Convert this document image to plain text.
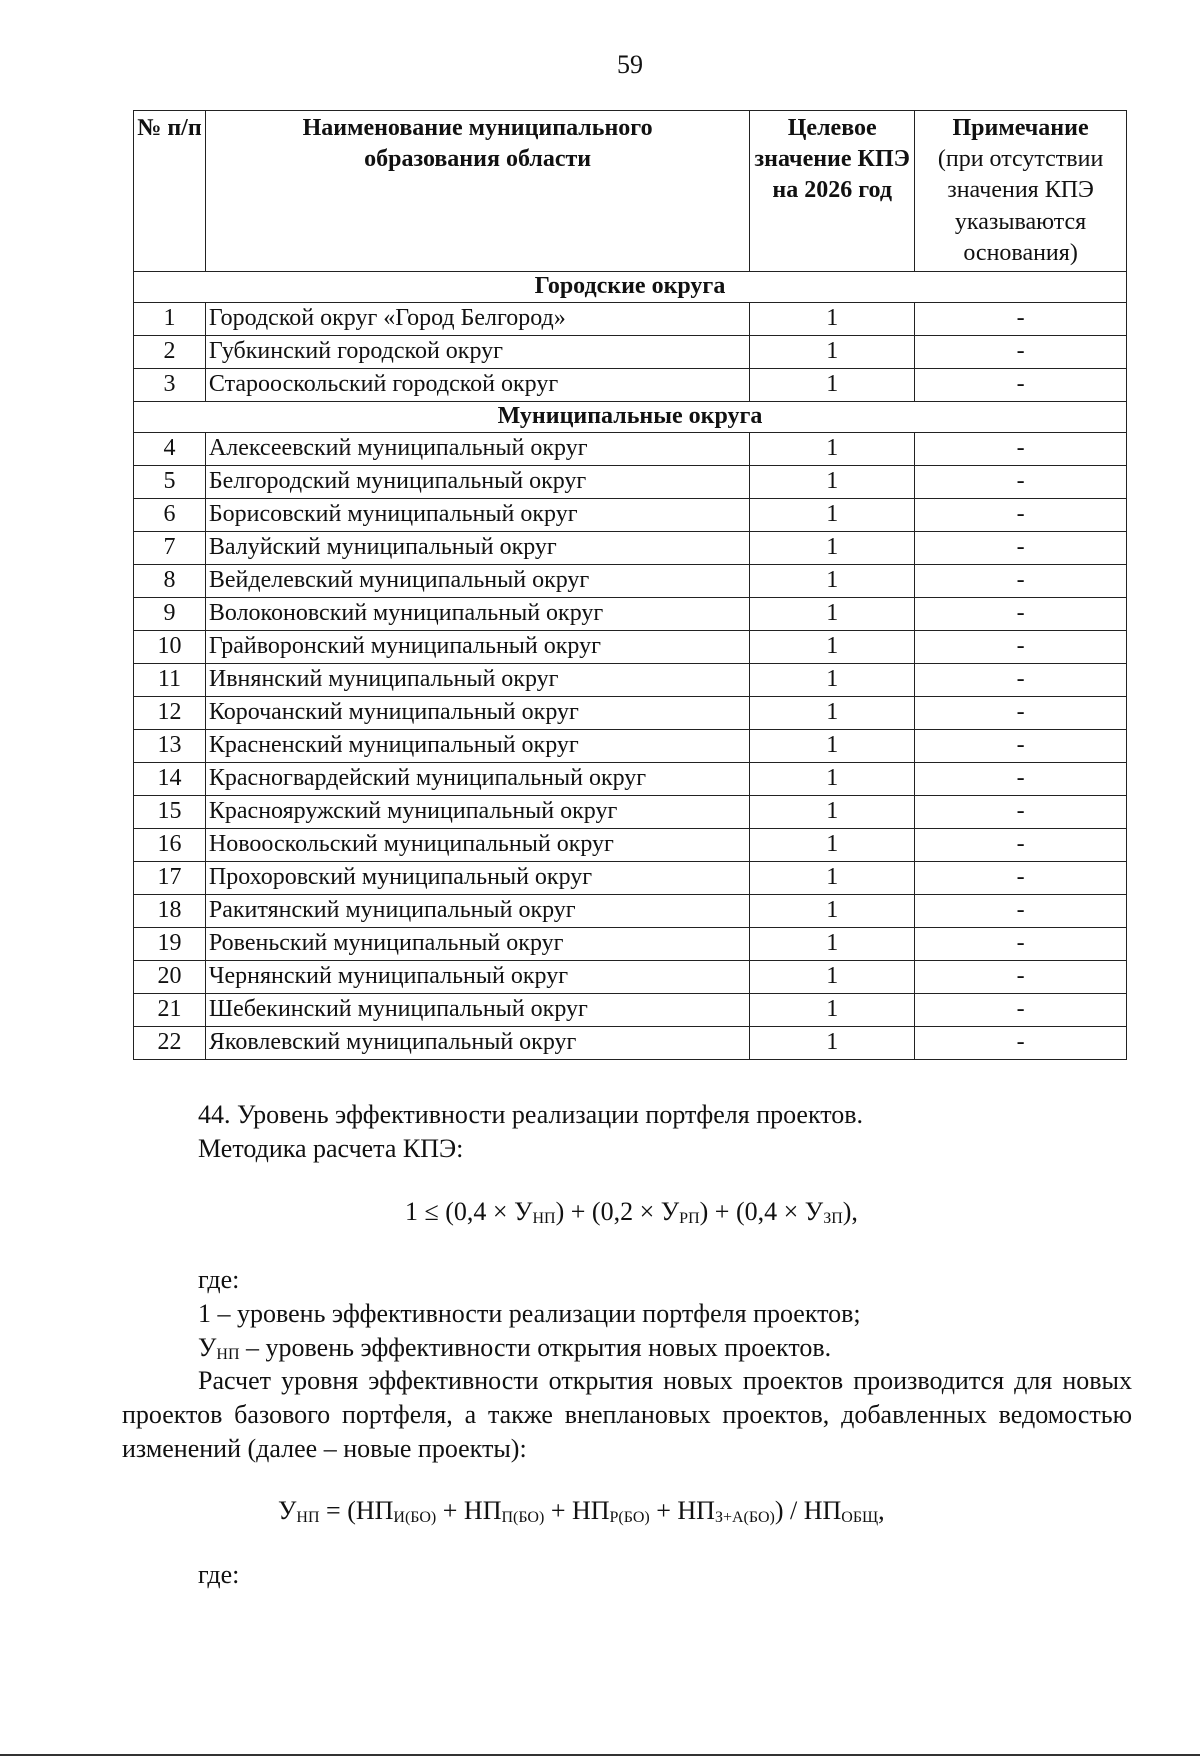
59
№ п/п	Наименование муниципального образования области	Целевое значение КПЭ на 2026 год	Примечание
(при отсутствии значения КПЭ указываются основания)
Городские округа			
1	Городской округ «Город Белгород»	1	-
2	Губкинский городской округ	1	-
3	Старооскольский городской округ	1	-
Муниципальные округа			
4	Алексеевский муниципальный округ	1	-
5	Белгородский муниципальный округ	1	-
6	Борисовский муниципальный округ	1	-
7	Валуйский муниципальный округ	1	-
8	Вейделевский муниципальный округ	1	-
9	Волоконовский муниципальный округ	1	-
10	Грайворонский муниципальный округ	1	-
11	Ивнянский муниципальный округ	1	-
12	Корочанский муниципальный округ	1	-
13	Красненский муниципальный округ	1	-
14	Красногвардейский муниципальный округ	1	-
15	Краснояружский муниципальный округ	1	-
16	Новооскольский муниципальный округ	1	-
17	Прохоровский муниципальный округ	1	-
18	Ракитянский муниципальный округ	1	-
19	Ровеньский муниципальный округ	1	-
20	Чернянский муниципальный округ	1	-
21	Шебекинский муниципальный округ	1	-
22	Яковлевский муниципальный округ	1	-
44. Уровень эффективности реализации портфеля проектов.
Методика расчета КПЭ:
$1 \le (0,4 \times У_{НП}) + (0,2 \times У_{РП}) + (0,4 \times У_{ЗП})$,
где:
1 – уровень эффективности реализации портфеля проектов;
$У_{НП}$ – уровень эффективности открытия новых проектов.
Расчет уровня эффективности открытия новых проектов производится для новых проектов базового портфеля, а также внеплановых проектов, добавленных ведомостью изменений (далее – новые проекты):
$У_{НП} = (НП_{И(БО)} + НП_{П(БО)} + НП_{Р(БО)} + НП_{З+А(БО)}) / НП_{ОБЩ}$,
где:
